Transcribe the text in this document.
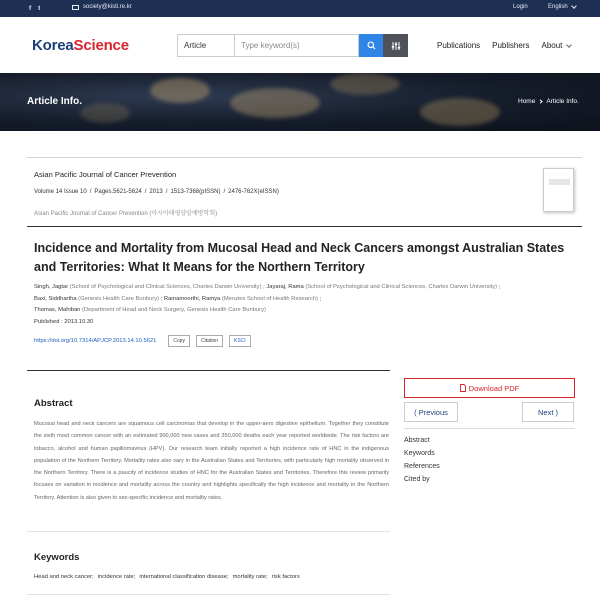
f t	society@kisti.re.kr	Login	English
KoreaScience	Article
Type keyword(s)	Publications Publishers About
Article Info.	Home Article Info.
Asian Pacific Journal of Cancer Prevention
Volume 14 Issue 10 / Pages.5621-5624 / 2013 / 1513-7368(pISSN) / 2476-762X(eISSN)
Asian Pacific Journal of Cancer Prevention (아시아태평양암예방학회)
Incidence and Mortality from Mucosal Head and Neck Cancers amongst Australian States and Territories: What It Means for the Northern Territory
Singh, Jagtar (School of Psychological and Clinical Sciences, Charles Darwin University) ; Jayaraj, Rama (School of Psychological and Clinical Sciences, Charles Darwin University) ;
Baxi, Siddhartha (Genesis Health Care Bunbury) ; Ramamoorthi, Ramya (Menzies School of Health Research) ;
Thomas, Mahiban (Department of Head and Neck Surgery, Genesis Health Care Bunbury)
Published : 2013.10.30
https://doi.org/10.7314/APJCP.2013.14.10.5621	Copy	Citation	KSCI
Abstract
Mucosal head and neck cancers are squamous cell carcinomas that develop in the upper-aero digestive epithelium. Together they constitute the sixth most common cancer with an estimated 900,000 new cases and 350,000 deaths each year reported worldwide. The risk factors are tobacco, alcohol and human papillomavirus (HPV). Our research team initially reported a high incidence rate of HNC in the indigenous population of the Northern Territory. Mortality rates also vary in the Australian States and Territories, with particularly high mortality observed in the Northern Territory. There is a paucity of incidence studies of HNC for the Australian States and Territories. Therefore this review primarily focuses on variation in incidence and mortality across the country and highlights specifically the high incidence and mortality in the Northern Territory. Attention is also given to sex-specific incidence and mortality rates.
Keywords
Head and neck cancer; incidence rate; international classification disease; mortality rate; risk factors
Download PDF
( Previous	Next )
Abstract
Keywords
References
Cited by
